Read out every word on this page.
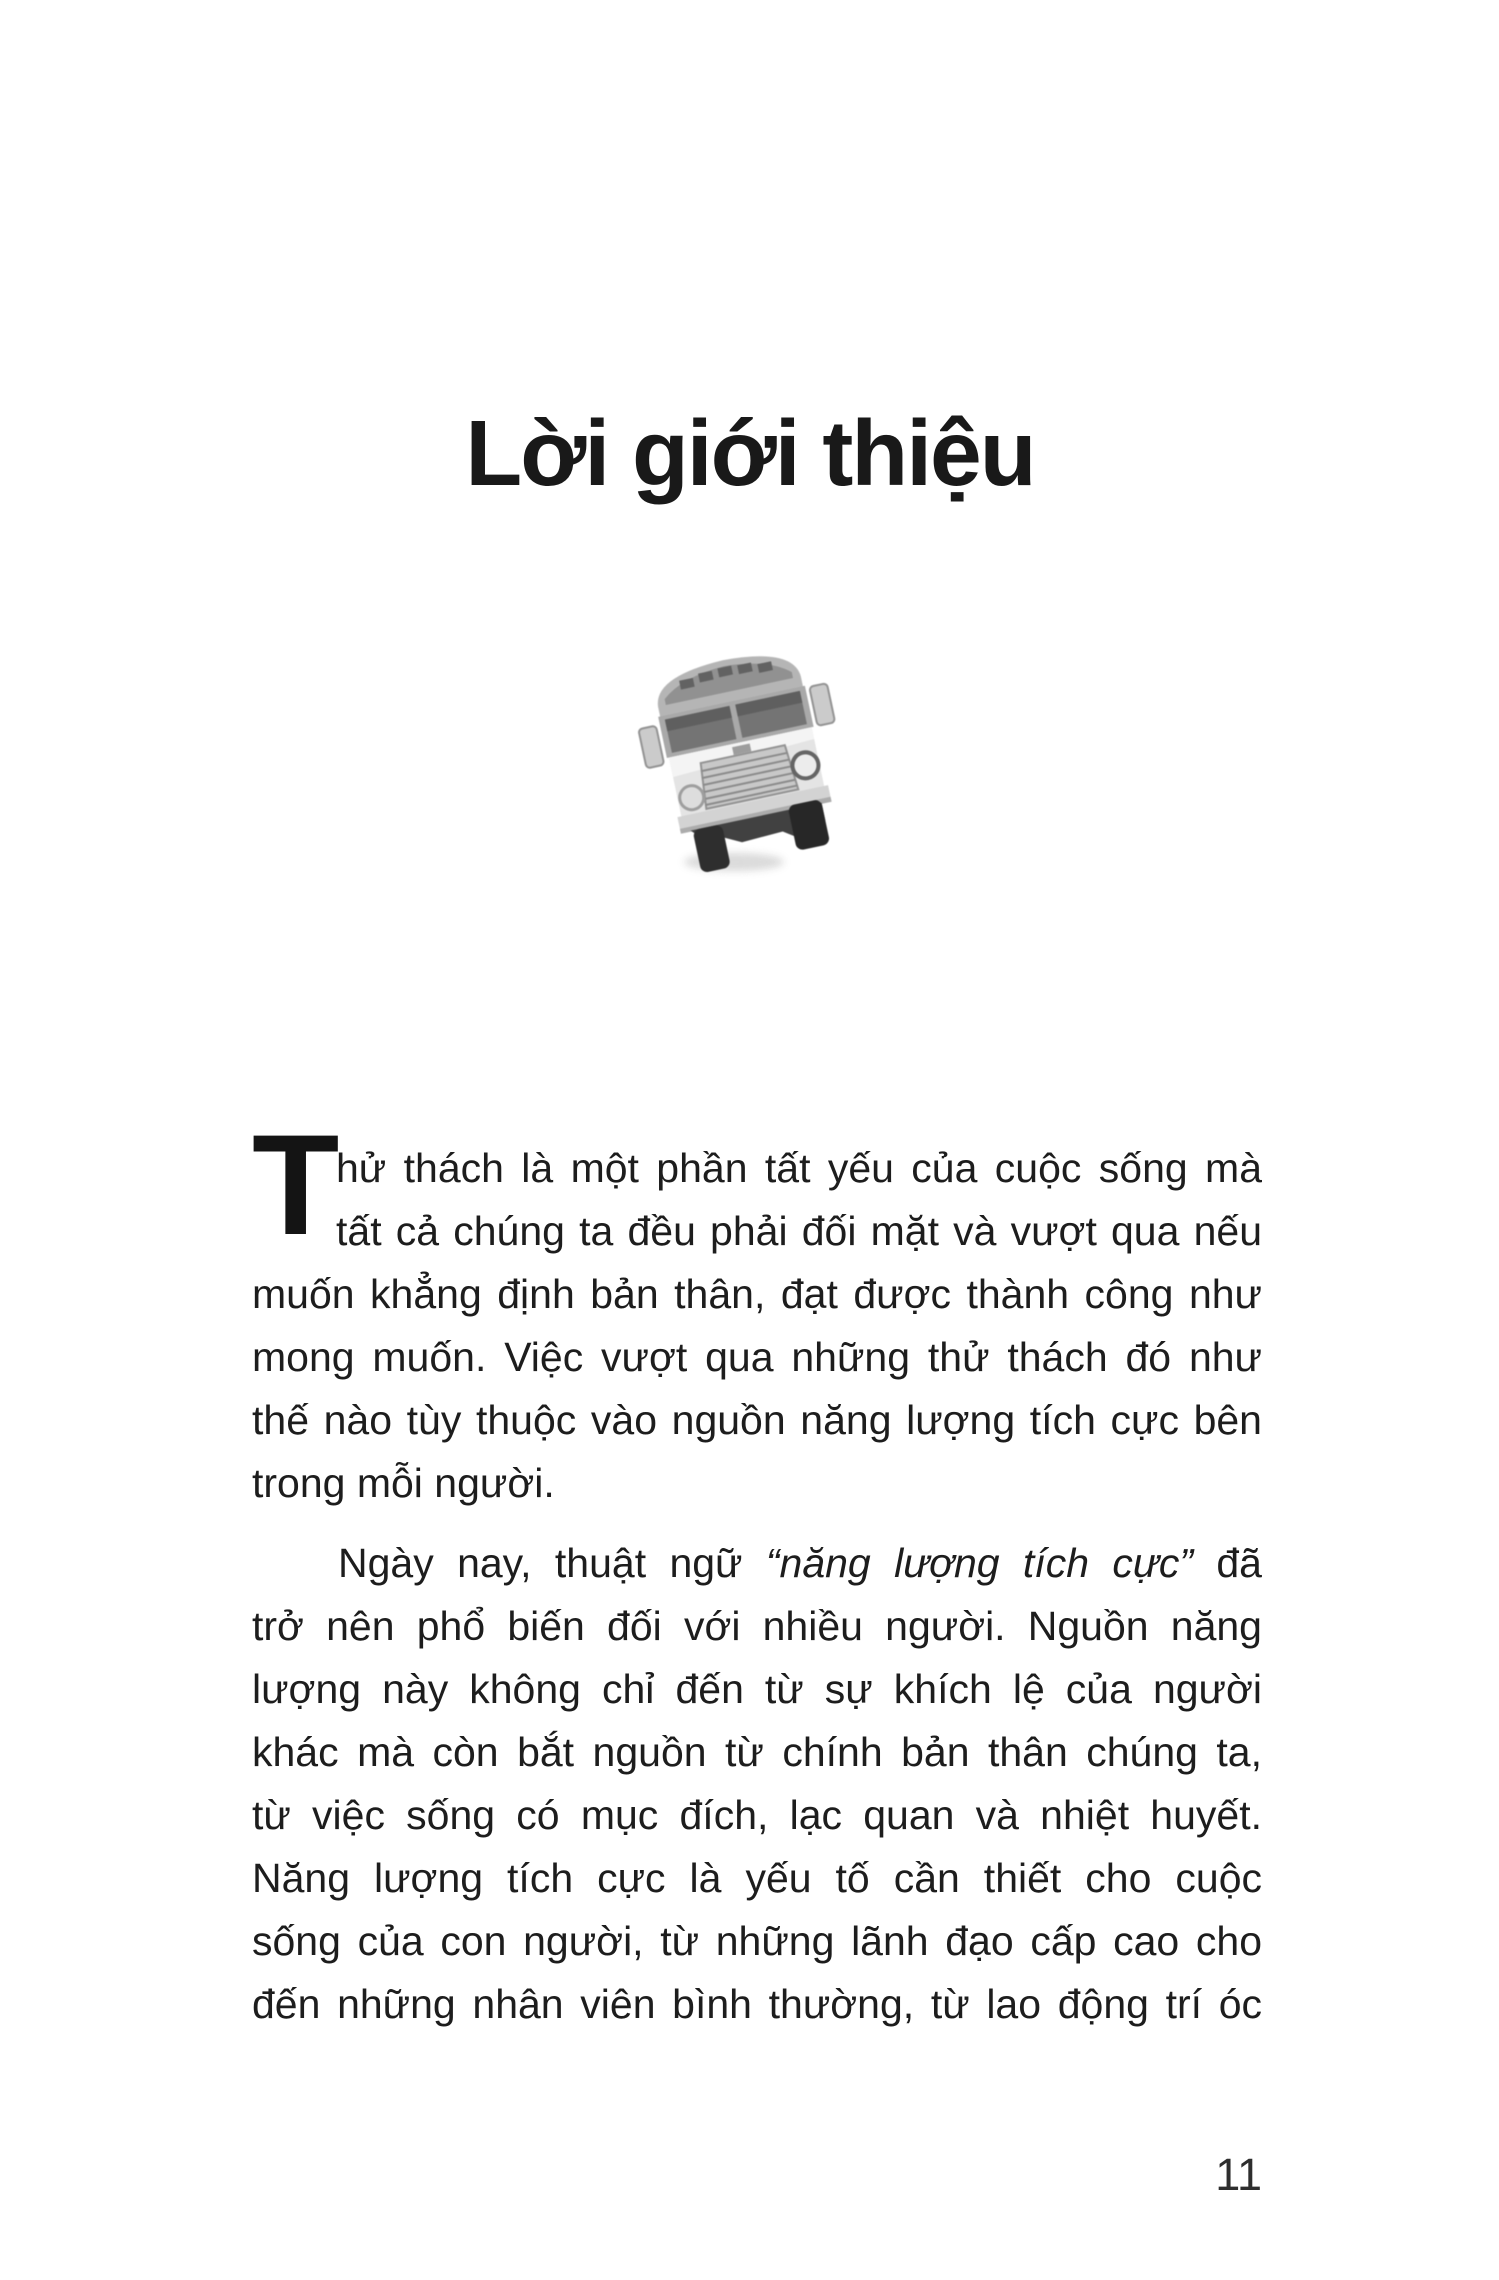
Lời giới thiệu
T
hử thách là một phần tất yếu của cuộc sống mà
tất cả chúng ta đều phải đối mặt và vượt qua nếu
muốn khẳng định bản thân, đạt được thành công như
mong muốn. Việc vượt qua những thử thách đó như
thế nào tùy thuộc vào nguồn năng lượng tích cực bên
trong mỗi người.
Ngày nay, thuật ngữ “năng lượng tích cực” đã
trở nên phổ biến đối với nhiều người. Nguồn năng
lượng này không chỉ đến từ sự khích lệ của người
khác mà còn bắt nguồn từ chính bản thân chúng ta,
từ việc sống có mục đích, lạc quan và nhiệt huyết.
Năng lượng tích cực là yếu tố cần thiết cho cuộc
sống của con người, từ những lãnh đạo cấp cao cho
đến những nhân viên bình thường, từ lao động trí óc
11
